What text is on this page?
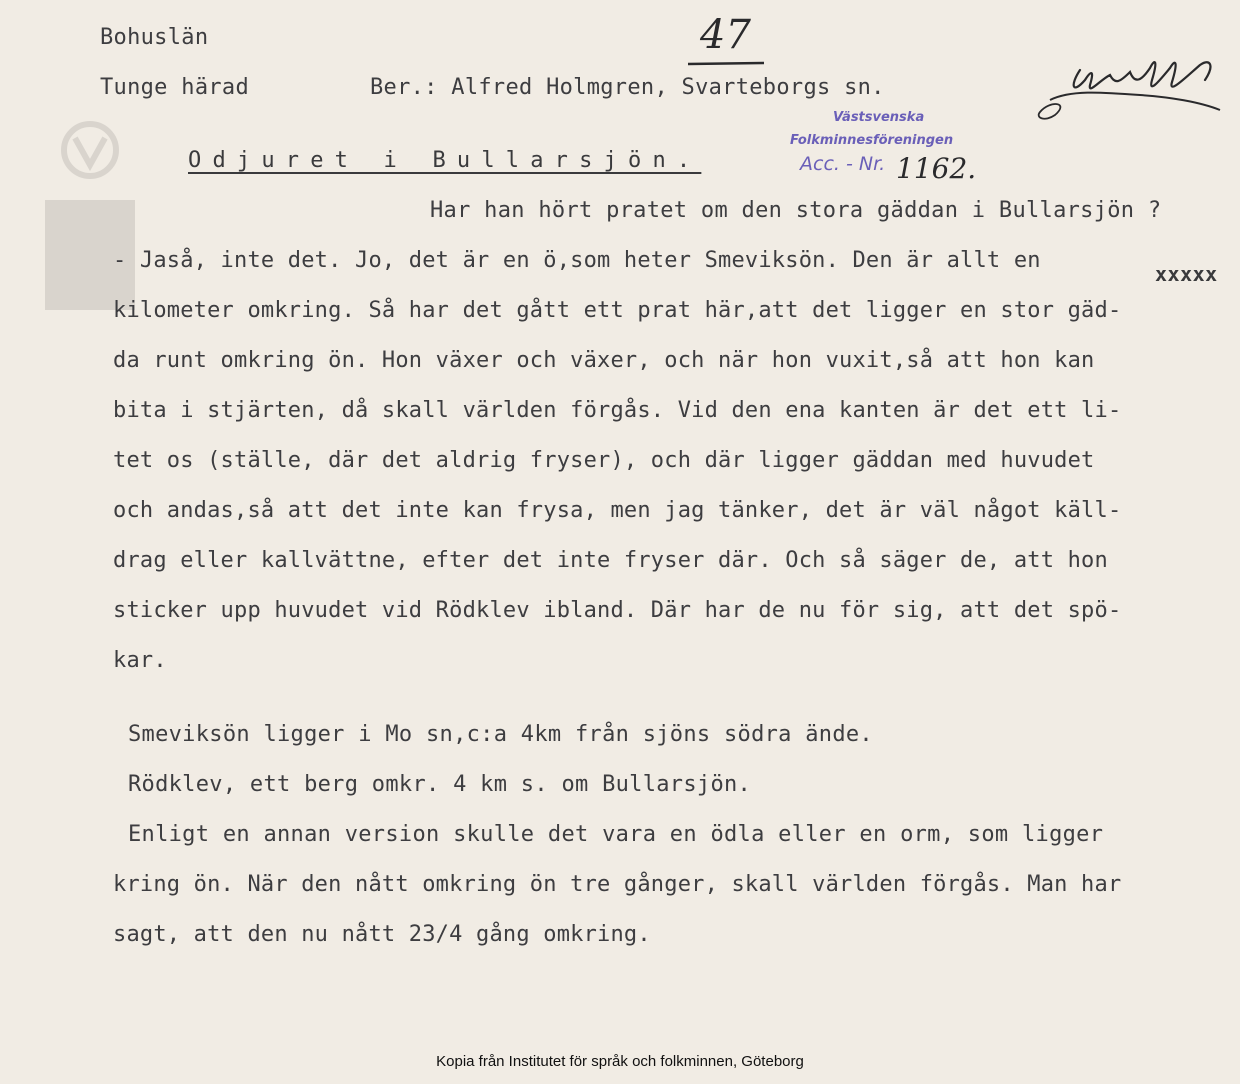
Bohuslän
Tunge härad	Ber.: Alfred Holmgren, Svarteborgs sn.
47
Västsvenska
Folkminnesföreningen
Acc. - Nr. 1162.
Odjuret i Bullarsjön.
Har han hört pratet om den stora gäddan i Bullarsjön ?
- Jaså, inte det. Jo, det är en ö,som heter Smeviksön. Den är allt en
xxxxx
kilometer omkring. Så har det gått ett prat här,att det ligger en stor gäd-
da runt omkring ön. Hon växer och växer, och när hon vuxit,så att hon kan
bita i stjärten, då skall världen förgås. Vid den ena kanten är det ett li-
tet os (ställe, där det aldrig fryser), och där ligger gäddan med huvudet
och andas,så att det inte kan frysa, men jag tänker, det är väl något käll-
drag eller kallvättne, efter det inte fryser där. Och så säger de, att hon
sticker upp huvudet vid Rödklev ibland. Där har de nu för sig, att det spö-
kar.
Smeviksön ligger i Mo sn,c:a 4km från sjöns södra ände.
Rödklev, ett berg omkr. 4 km s. om Bullarsjön.
Enligt en annan version skulle det vara en ödla eller en orm, som ligger
kring ön. När den nått omkring ön tre gånger, skall världen förgås. Man har
sagt, att den nu nått 23/4 gång omkring.
Kopia från Institutet för språk och folkminnen, Göteborg
